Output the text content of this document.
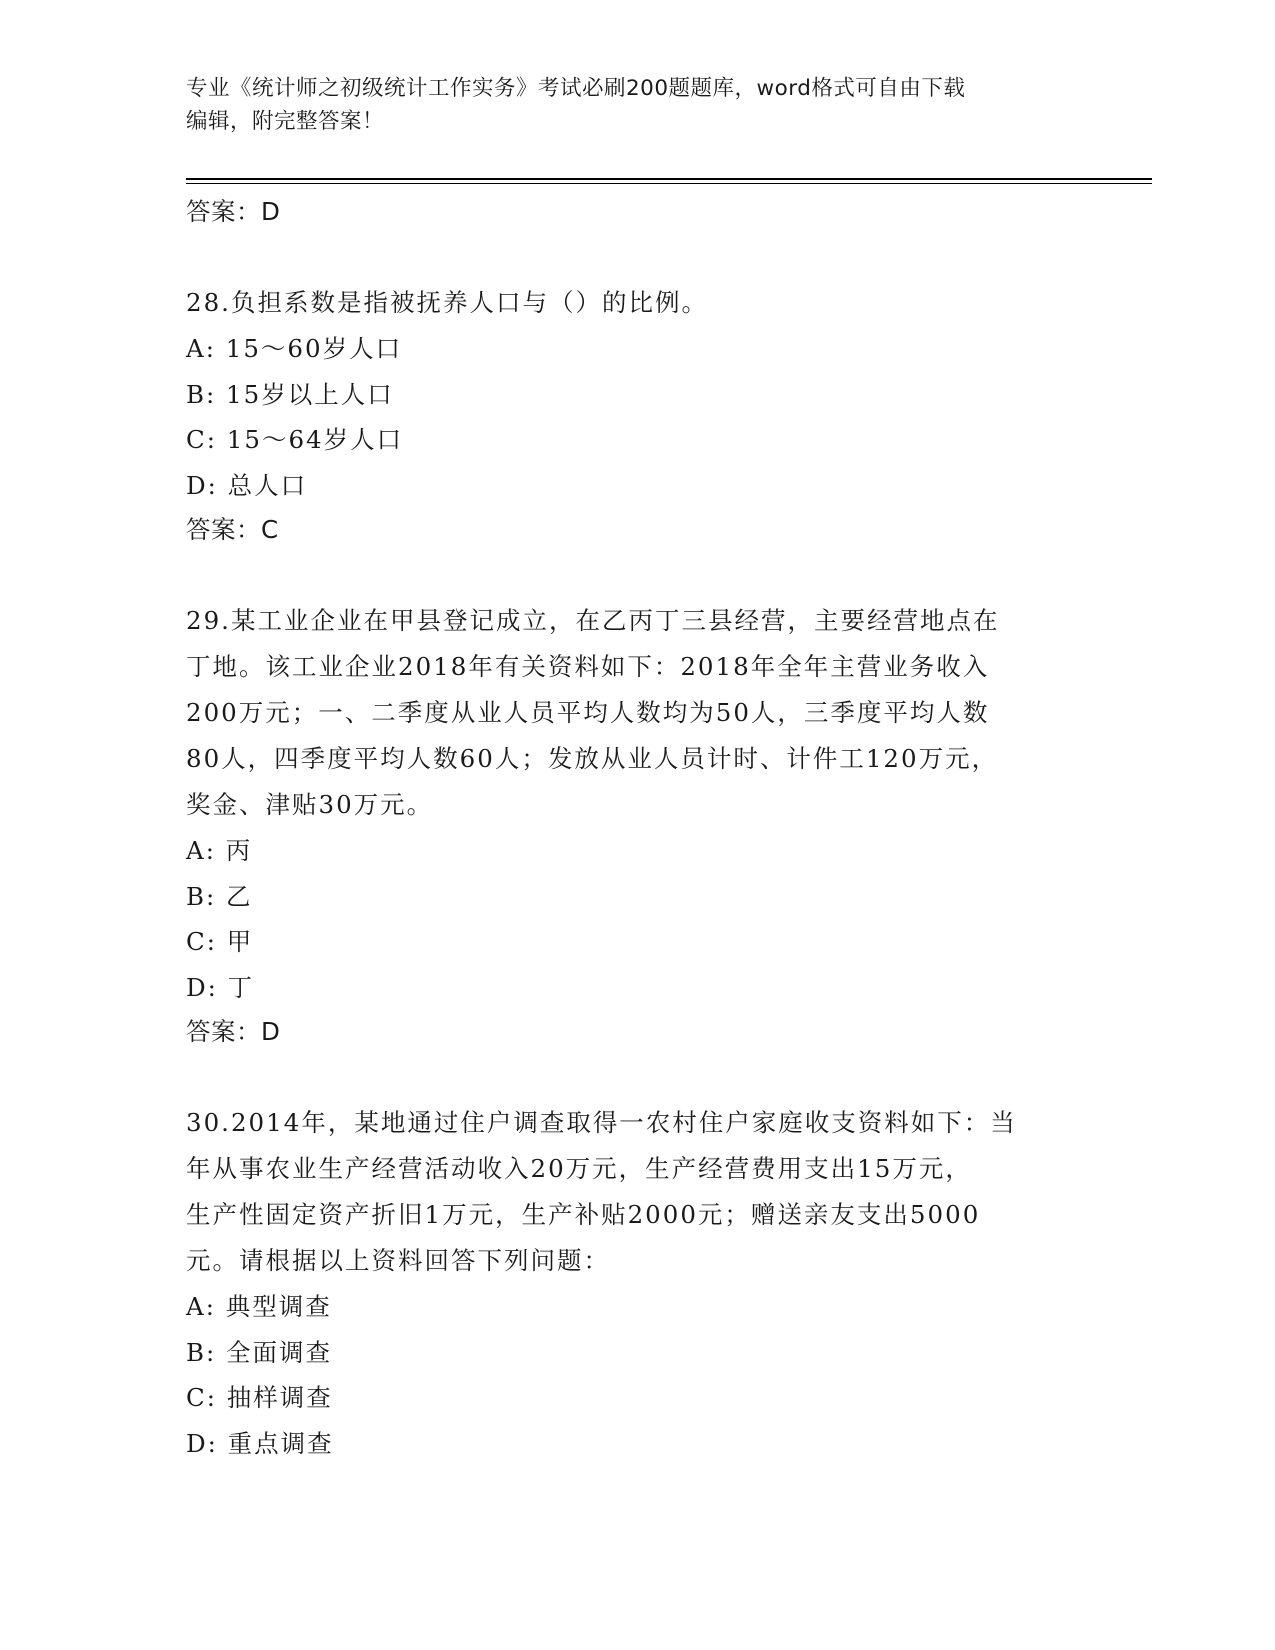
专业《统计师之初级统计工作实务》考试必刷200题题库，word格式可自由下载
编辑，附完整答案！
答案：D
28.负担系数是指被抚养人口与（）的比例。
A: 15～60岁人口
B: 15岁以上人口
C: 15～64岁人口
D: 总人口
答案：C
29.某工业企业在甲县登记成立，在乙丙丁三县经营，主要经营地点在
丁地。该工业企业2018年有关资料如下：2018年全年主营业务收入
200万元；一、二季度从业人员平均人数均为50人，三季度平均人数
80人，四季度平均人数60人；发放从业人员计时、计件工120万元，
奖金、津贴30万元。
A: 丙
B: 乙
C: 甲
D: 丁
答案：D
30.2014年，某地通过住户调查取得一农村住户家庭收支资料如下：当
年从事农业生产经营活动收入20万元，生产经营费用支出15万元，
生产性固定资产折旧1万元，生产补贴2000元；赠送亲友支出5000
元。请根据以上资料回答下列问题：
A: 典型调查
B: 全面调查
C: 抽样调查
D: 重点调查
